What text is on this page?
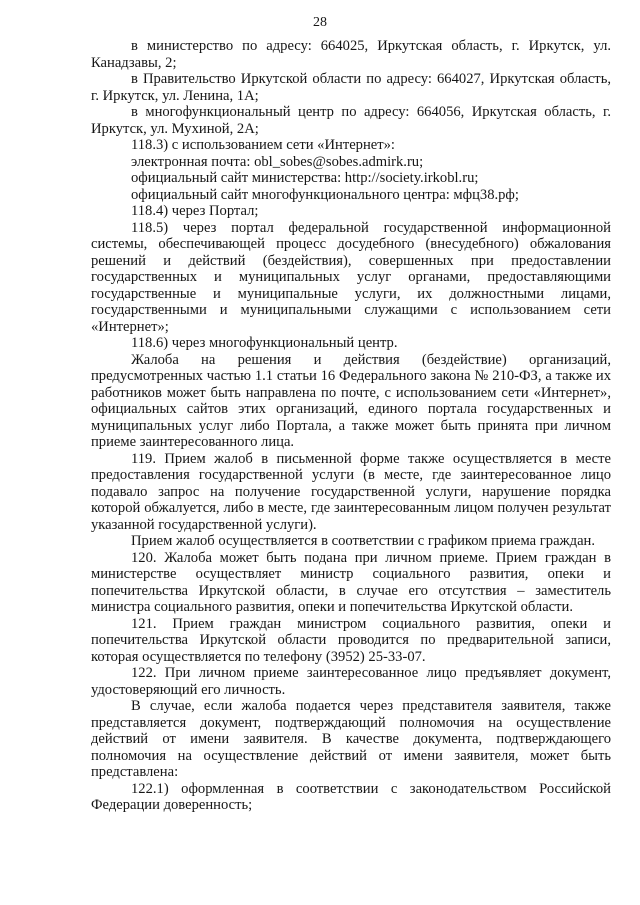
28

в министерство по адресу: 664025, Иркутская область, г. Иркутск, ул. Канадзавы, 2;

в Правительство Иркутской области по адресу: 664027, Иркутская область, г. Иркутск, ул. Ленина, 1А;

в многофункциональный центр по адресу: 664056, Иркутская область, г. Иркутск, ул. Мухиной, 2А;

118.3) с использованием сети «Интернет»:

электронная почта: obl_sobes@sobes.admirk.ru;

официальный сайт министерства: http://society.irkobl.ru;

официальный сайт многофункционального центра: мфц38.рф;

118.4) через Портал;

118.5) через портал федеральной государственной информационной системы, обеспечивающей процесс досудебного (внесудебного) обжалования решений и действий (бездействия), совершенных при предоставлении государственных и муниципальных услуг органами, предоставляющими государственные и муниципальные услуги, их должностными лицами, государственными и муниципальными служащими с использованием сети «Интернет»;

118.6) через многофункциональный центр.

Жалоба на решения и действия (бездействие) организаций, предусмотренных частью 1.1 статьи 16 Федерального закона № 210-ФЗ, а также их работников может быть направлена по почте, с использованием сети «Интернет», официальных сайтов этих организаций, единого портала государственных и муниципальных услуг либо Портала, а также может быть принята при личном приеме заинтересованного лица.

119. Прием жалоб в письменной форме также осуществляется в месте предоставления государственной услуги (в месте, где заинтересованное лицо подавало запрос на получение государственной услуги, нарушение порядка которой обжалуется, либо в месте, где заинтересованным лицом получен результат указанной государственной услуги).

Прием жалоб осуществляется в соответствии с графиком приема граждан.

120. Жалоба может быть подана при личном приеме. Прием граждан в министерстве осуществляет министр социального развития, опеки и попечительства Иркутской области, в случае его отсутствия – заместитель министра социального развития, опеки и попечительства Иркутской области.

121. Прием граждан министром социального развития, опеки и попечительства Иркутской области проводится по предварительной записи, которая осуществляется по телефону (3952) 25-33-07.

122. При личном приеме заинтересованное лицо предъявляет документ, удостоверяющий его личность.

В случае, если жалоба подается через представителя заявителя, также представляется документ, подтверждающий полномочия на осуществление действий от имени заявителя. В качестве документа, подтверждающего полномочия на осуществление действий от имени заявителя, может быть представлена:

122.1) оформленная в соответствии с законодательством Российской Федерации доверенность;
